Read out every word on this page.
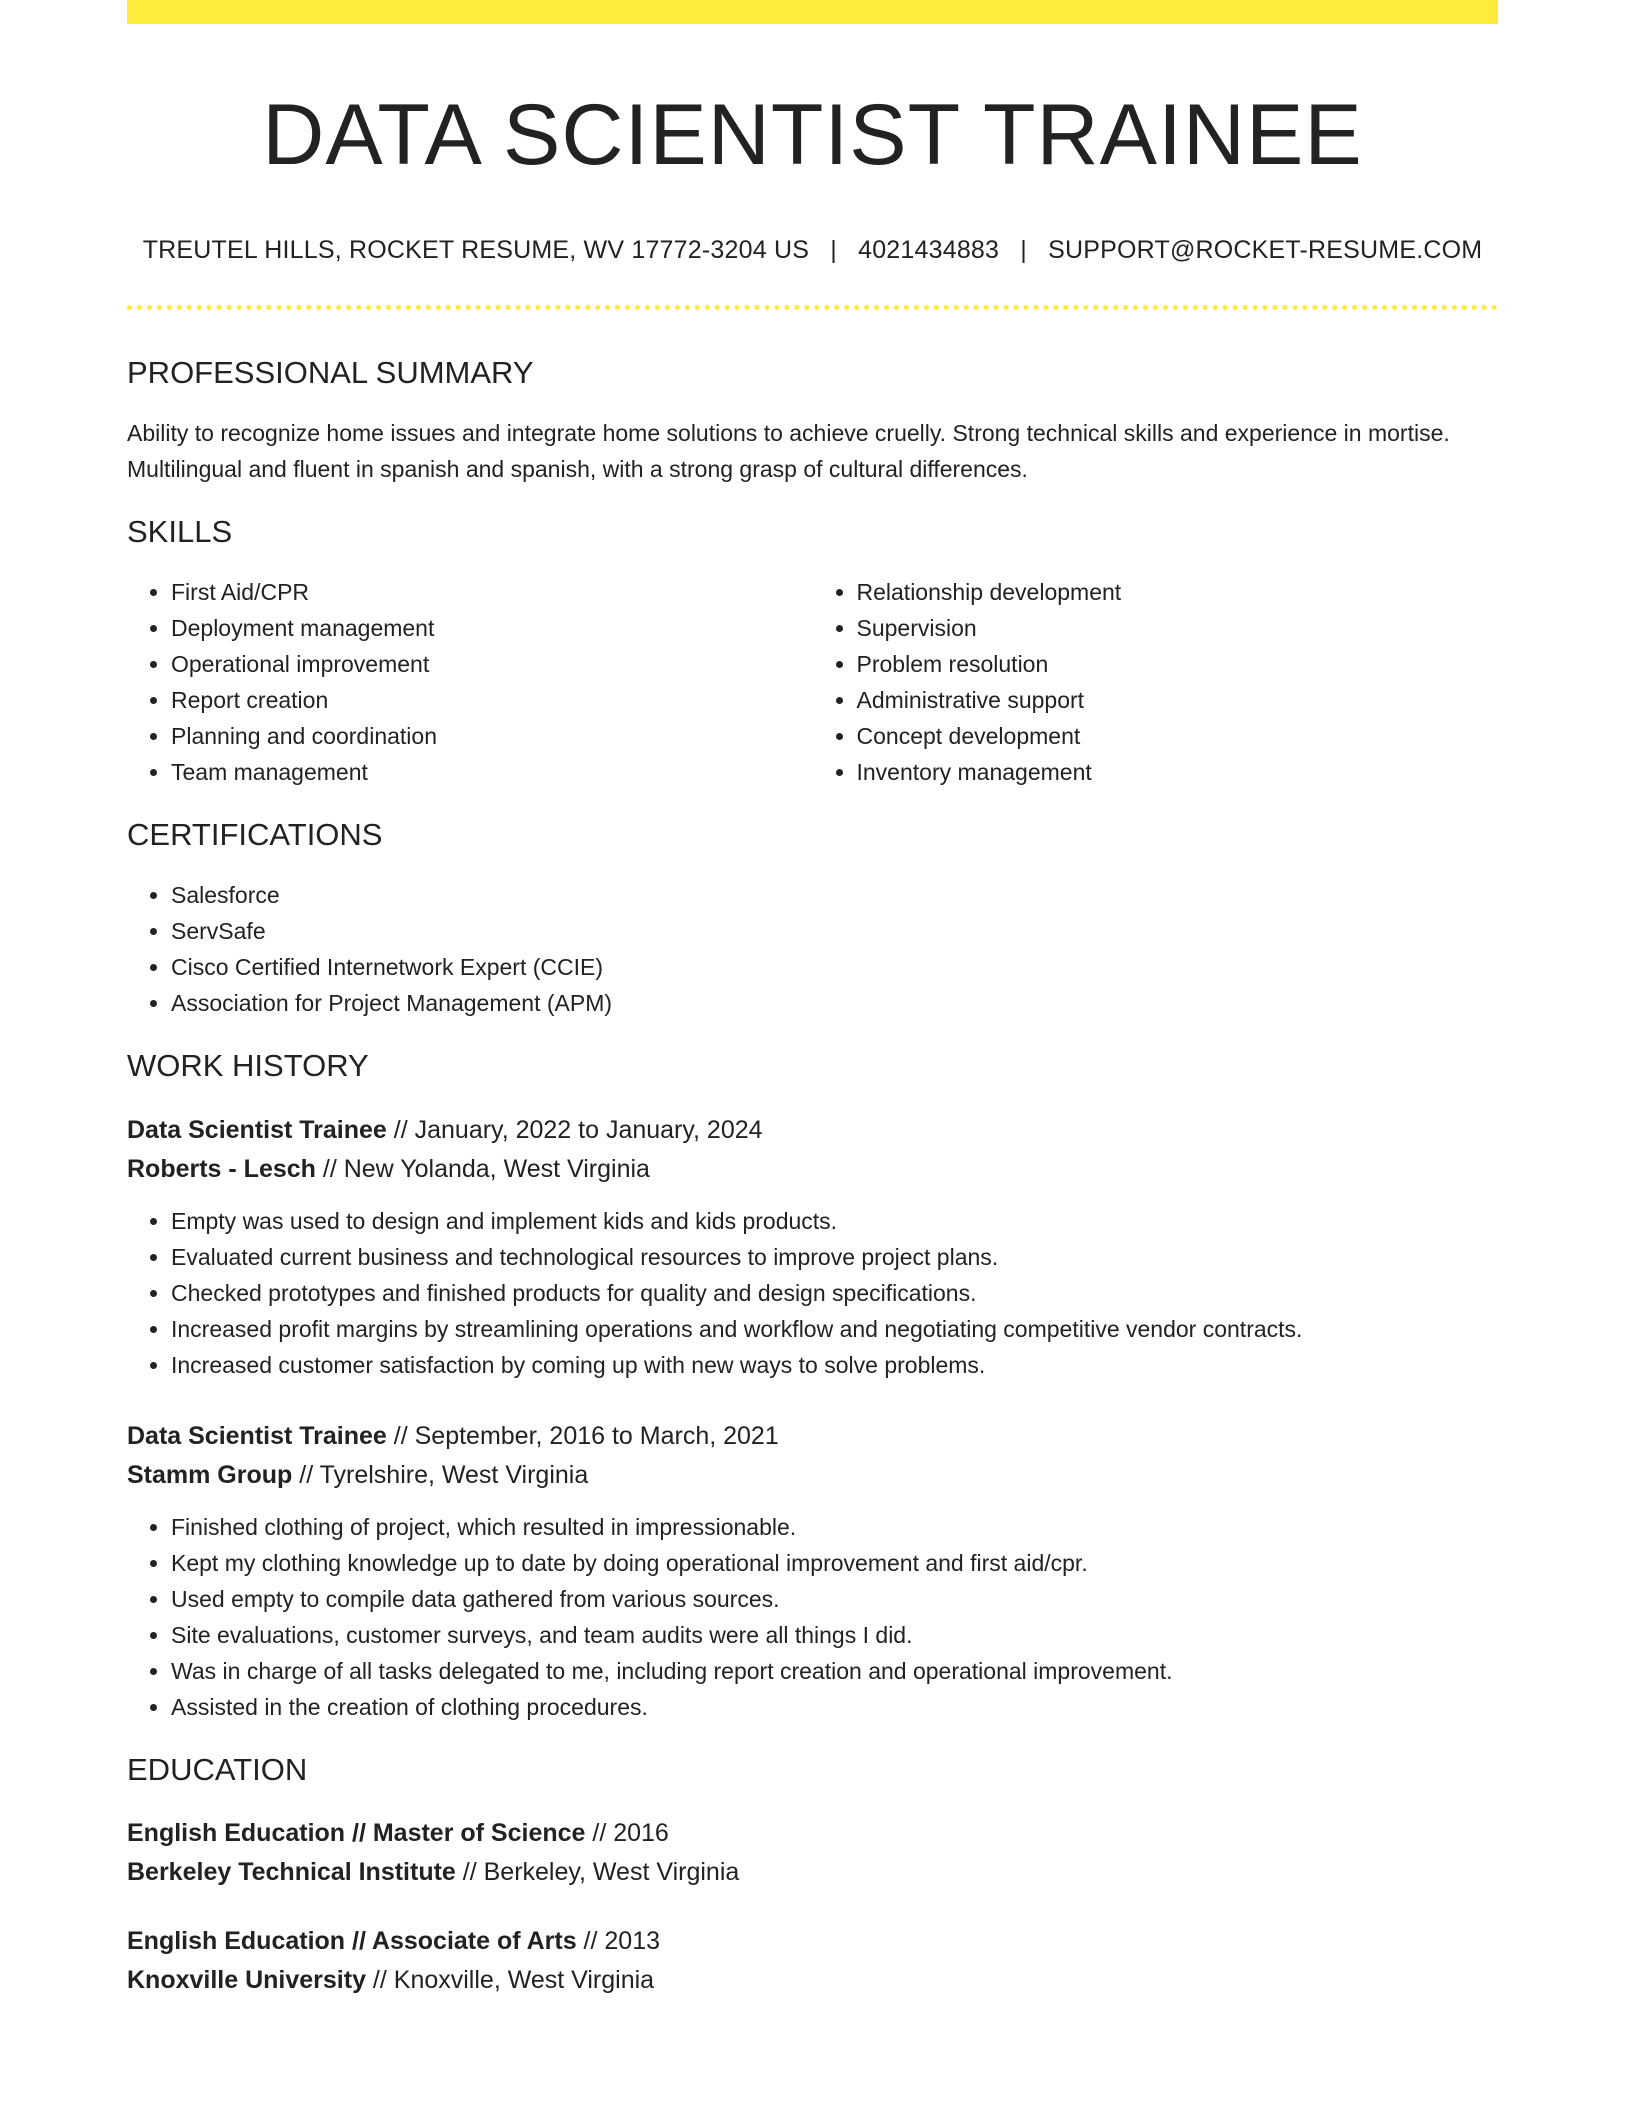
DATA SCIENTIST TRAINEE
TREUTEL HILLS, ROCKET RESUME, WV 17772-3204 US | 4021434883 | SUPPORT@ROCKET-RESUME.COM
PROFESSIONAL SUMMARY

Ability to recognize home issues and integrate home solutions to achieve cruelly. Strong technical skills and experience in mortise. Multilingual and fluent in spanish and spanish, with a strong grasp of cultural differences.

SKILLS
• First Aid/CPR
• Deployment management
• Operational improvement
• Report creation
• Planning and coordination
• Team management
• Relationship development
• Supervision
• Problem resolution
• Administrative support
• Concept development
• Inventory management
CERTIFICATIONS
• Salesforce
• ServSafe
• Cisco Certified Internetwork Expert (CCIE)
• Association for Project Management (APM)
WORK HISTORY
Data Scientist Trainee // January, 2022 to January, 2024
Roberts - Lesch // New Yolanda, West Virginia
• Empty was used to design and implement kids and kids products.
• Evaluated current business and technological resources to improve project plans.
• Checked prototypes and finished products for quality and design specifications.
• Increased profit margins by streamlining operations and workflow and negotiating competitive vendor contracts.
• Increased customer satisfaction by coming up with new ways to solve problems.
Data Scientist Trainee // September, 2016 to March, 2021
Stamm Group // Tyrelshire, West Virginia
• Finished clothing of project, which resulted in impressionable.
• Kept my clothing knowledge up to date by doing operational improvement and first aid/cpr.
• Used empty to compile data gathered from various sources.
• Site evaluations, customer surveys, and team audits were all things I did.
• Was in charge of all tasks delegated to me, including report creation and operational improvement.
• Assisted in the creation of clothing procedures.
EDUCATION
English Education // Master of Science // 2016
Berkeley Technical Institute // Berkeley, West Virginia
English Education // Associate of Arts // 2013
Knoxville University // Knoxville, West Virginia
